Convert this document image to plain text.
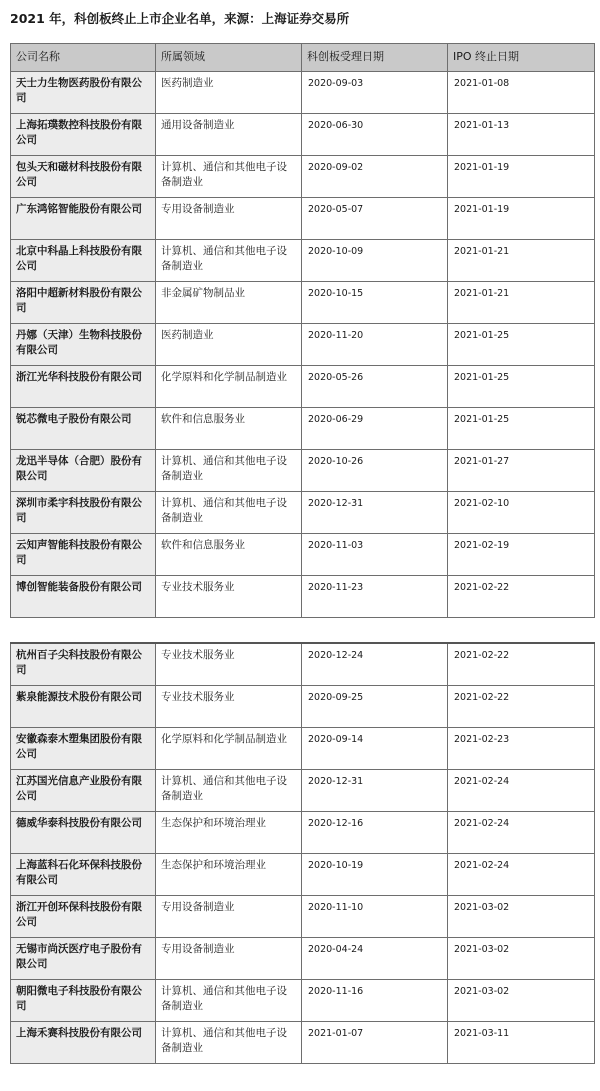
2021 年，科创板终止上市企业名单，来源：上海证券交易所
公司名称	所属领域	科创板受理日期	IPO 终止日期
天士力生物医药股份有限公司	医药制造业	2020-09-03	2021-01-08
上海拓璞数控科技股份有限公司	通用设备制造业	2020-06-30	2021-01-13
包头天和磁材科技股份有限公司	计算机、通信和其他电子设备制造业	2020-09-02	2021-01-19
广东鸿铭智能股份有限公司	专用设备制造业	2020-05-07	2021-01-19
北京中科晶上科技股份有限公司	计算机、通信和其他电子设备制造业	2020-10-09	2021-01-21
洛阳中超新材料股份有限公司	非金属矿物制品业	2020-10-15	2021-01-21
丹娜（天津）生物科技股份有限公司	医药制造业	2020-11-20	2021-01-25
浙江光华科技股份有限公司	化学原料和化学制品制造业	2020-05-26	2021-01-25
锐芯微电子股份有限公司	软件和信息服务业	2020-06-29	2021-01-25
龙迅半导体（合肥）股份有限公司	计算机、通信和其他电子设备制造业	2020-10-26	2021-01-27
深圳市柔宇科技股份有限公司	计算机、通信和其他电子设备制造业	2020-12-31	2021-02-10
云知声智能科技股份有限公司	软件和信息服务业	2020-11-03	2021-02-19
博创智能装备股份有限公司	专业技术服务业	2020-11-23	2021-02-22
杭州百子尖科技股份有限公司	专业技术服务业	2020-12-24	2021-02-22
紫泉能源技术股份有限公司	专业技术服务业	2020-09-25	2021-02-22
安徽森泰木塑集团股份有限公司	化学原料和化学制品制造业	2020-09-14	2021-02-23
江苏国光信息产业股份有限公司	计算机、通信和其他电子设备制造业	2020-12-31	2021-02-24
德威华泰科技股份有限公司	生态保护和环境治理业	2020-12-16	2021-02-24
上海蓝科石化环保科技股份有限公司	生态保护和环境治理业	2020-10-19	2021-02-24
浙江开创环保科技股份有限公司	专用设备制造业	2020-11-10	2021-03-02
无锡市尚沃医疗电子股份有限公司	专用设备制造业	2020-04-24	2021-03-02
朝阳微电子科技股份有限公司	计算机、通信和其他电子设备制造业	2020-11-16	2021-03-02
上海禾赛科技股份有限公司	计算机、通信和其他电子设备制造业	2021-01-07	2021-03-11
